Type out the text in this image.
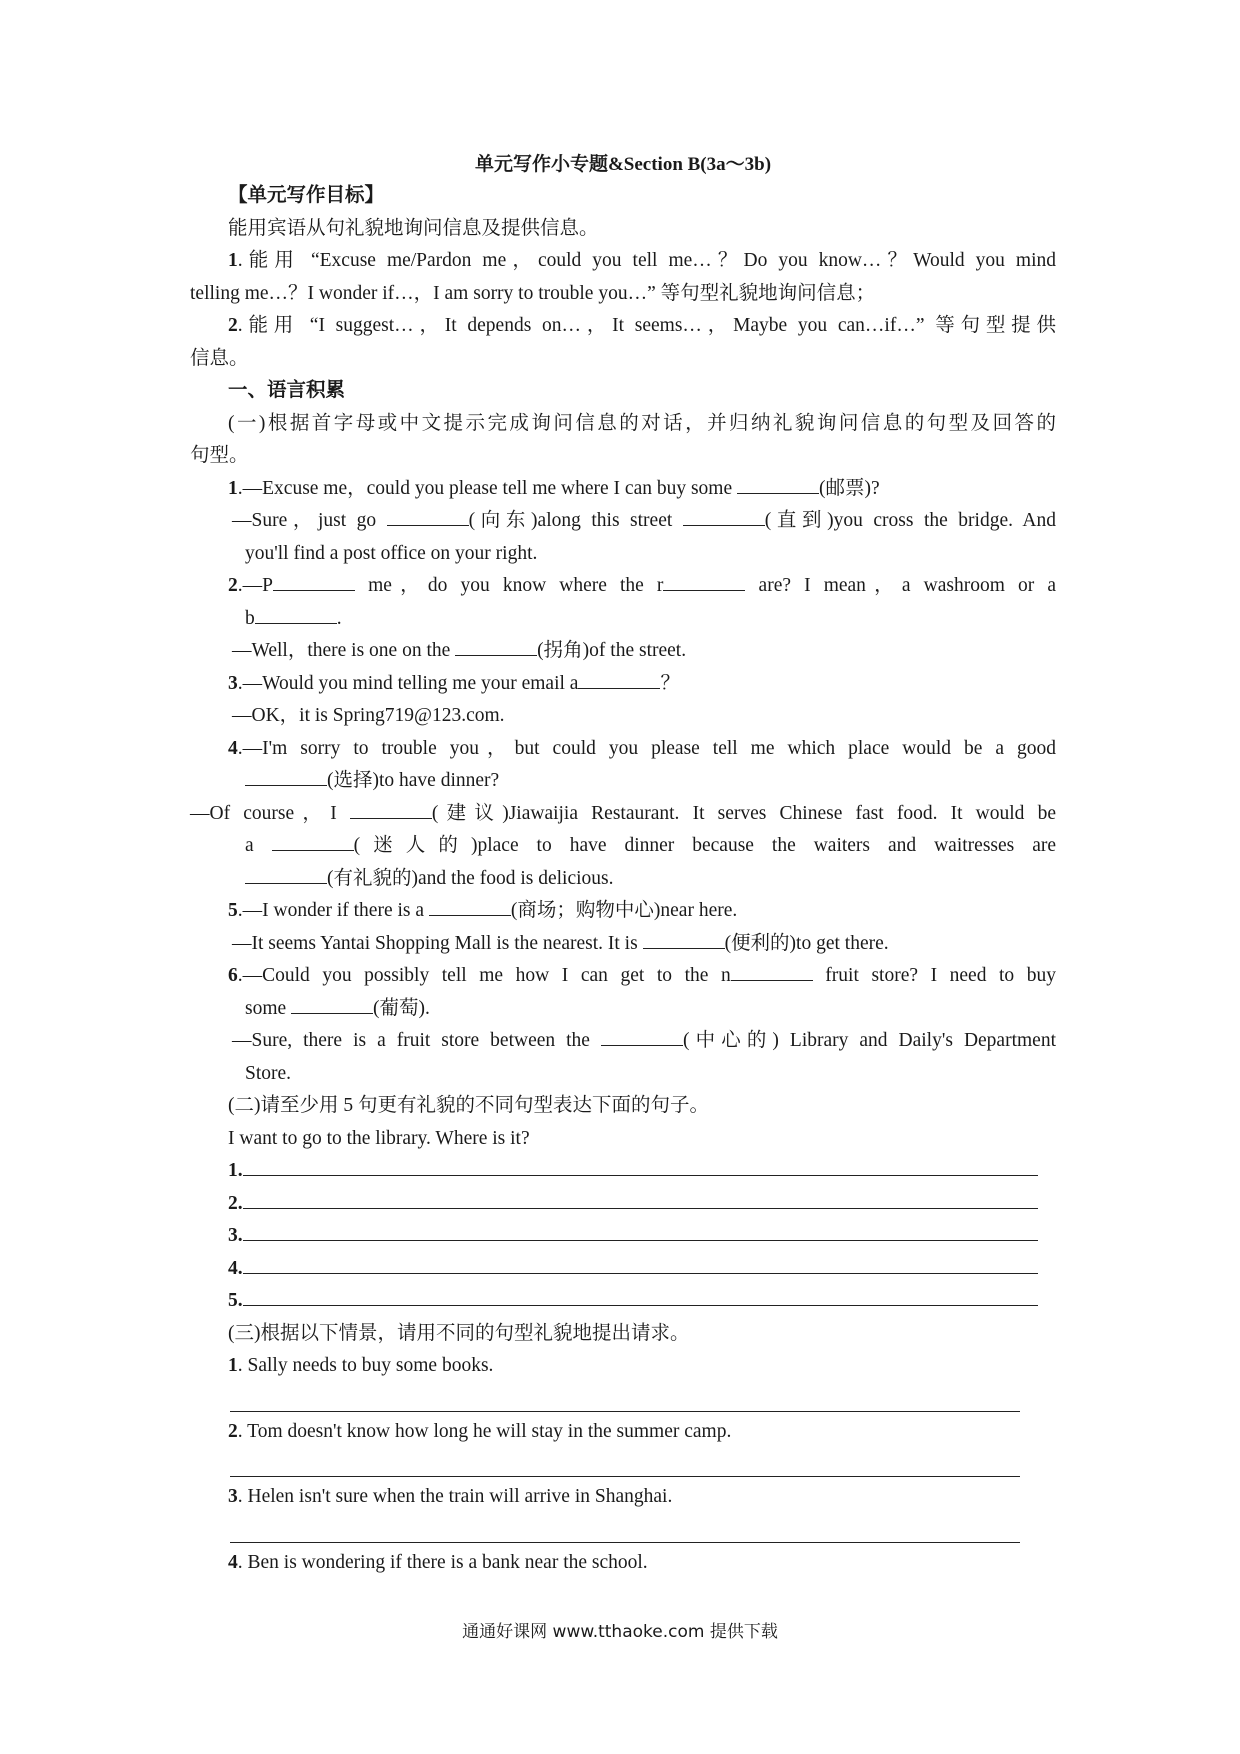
单元写作小专题&Section B(3a～3b)
【单元写作目标】
能用宾语从句礼貌地询问信息及提供信息。
1.能用 “Excuse me/Pardon me，could you tell me…？Do you know…？Would you mind
telling me…？I wonder if…，I am sorry to trouble you…” 等句型礼貌地询问信息；
2.能用 “I suggest…，It depends on…，It seems…，Maybe you can…if…” 等句型提供
信息。
一、语言积累
(一)根据首字母或中文提示完成询问信息的对话，并归纳礼貌询问信息的句型及回答的
句型。
1.—Excuse me，could you please tell me where I can buy some	(邮票)?
—Sure，just go	(向东)along this street	(直到)you cross the bridge. And
you'll find a post office on your right.
2.—P	me，do you know where the r	are? I mean，a washroom or a
b	.
—Well，there is one on the	(拐角)of the street.
3.—Would you mind telling me your email a	？
—OK，it is Spring719@123.com.
4.—I'm sorry to trouble you，but could you please tell me which place would be a good
(选择)to have dinner?
—Of course，I	(建议)Jiawaijia Restaurant. It serves Chinese fast food. It would be
a	(迷人的)place to have dinner because the waiters and waitresses are
(有礼貌的)and the food is delicious.
5.—I wonder if there is a	(商场；购物中心)near here.
—It seems Yantai Shopping Mall is the nearest. It is	(便利的)to get there.
6.—Could you possibly tell me how I can get to the n	fruit store? I need to buy
some	(葡萄).
—Sure, there is a fruit store between the	(中心的) Library and Daily's Department
Store.
(二)请至少用 5 句更有礼貌的不同句型表达下面的句子。
I want to go to the library. Where is it?
1.
2.
3.
4.
5.
(三)根据以下情景，请用不同的句型礼貌地提出请求。
1. Sally needs to buy some books.
2. Tom doesn't know how long he will stay in the summer camp.
3. Helen isn't sure when the train will arrive in Shanghai.
4. Ben is wondering if there is a bank near the school.
通通好课网 www.tthaoke.com 提供下载
